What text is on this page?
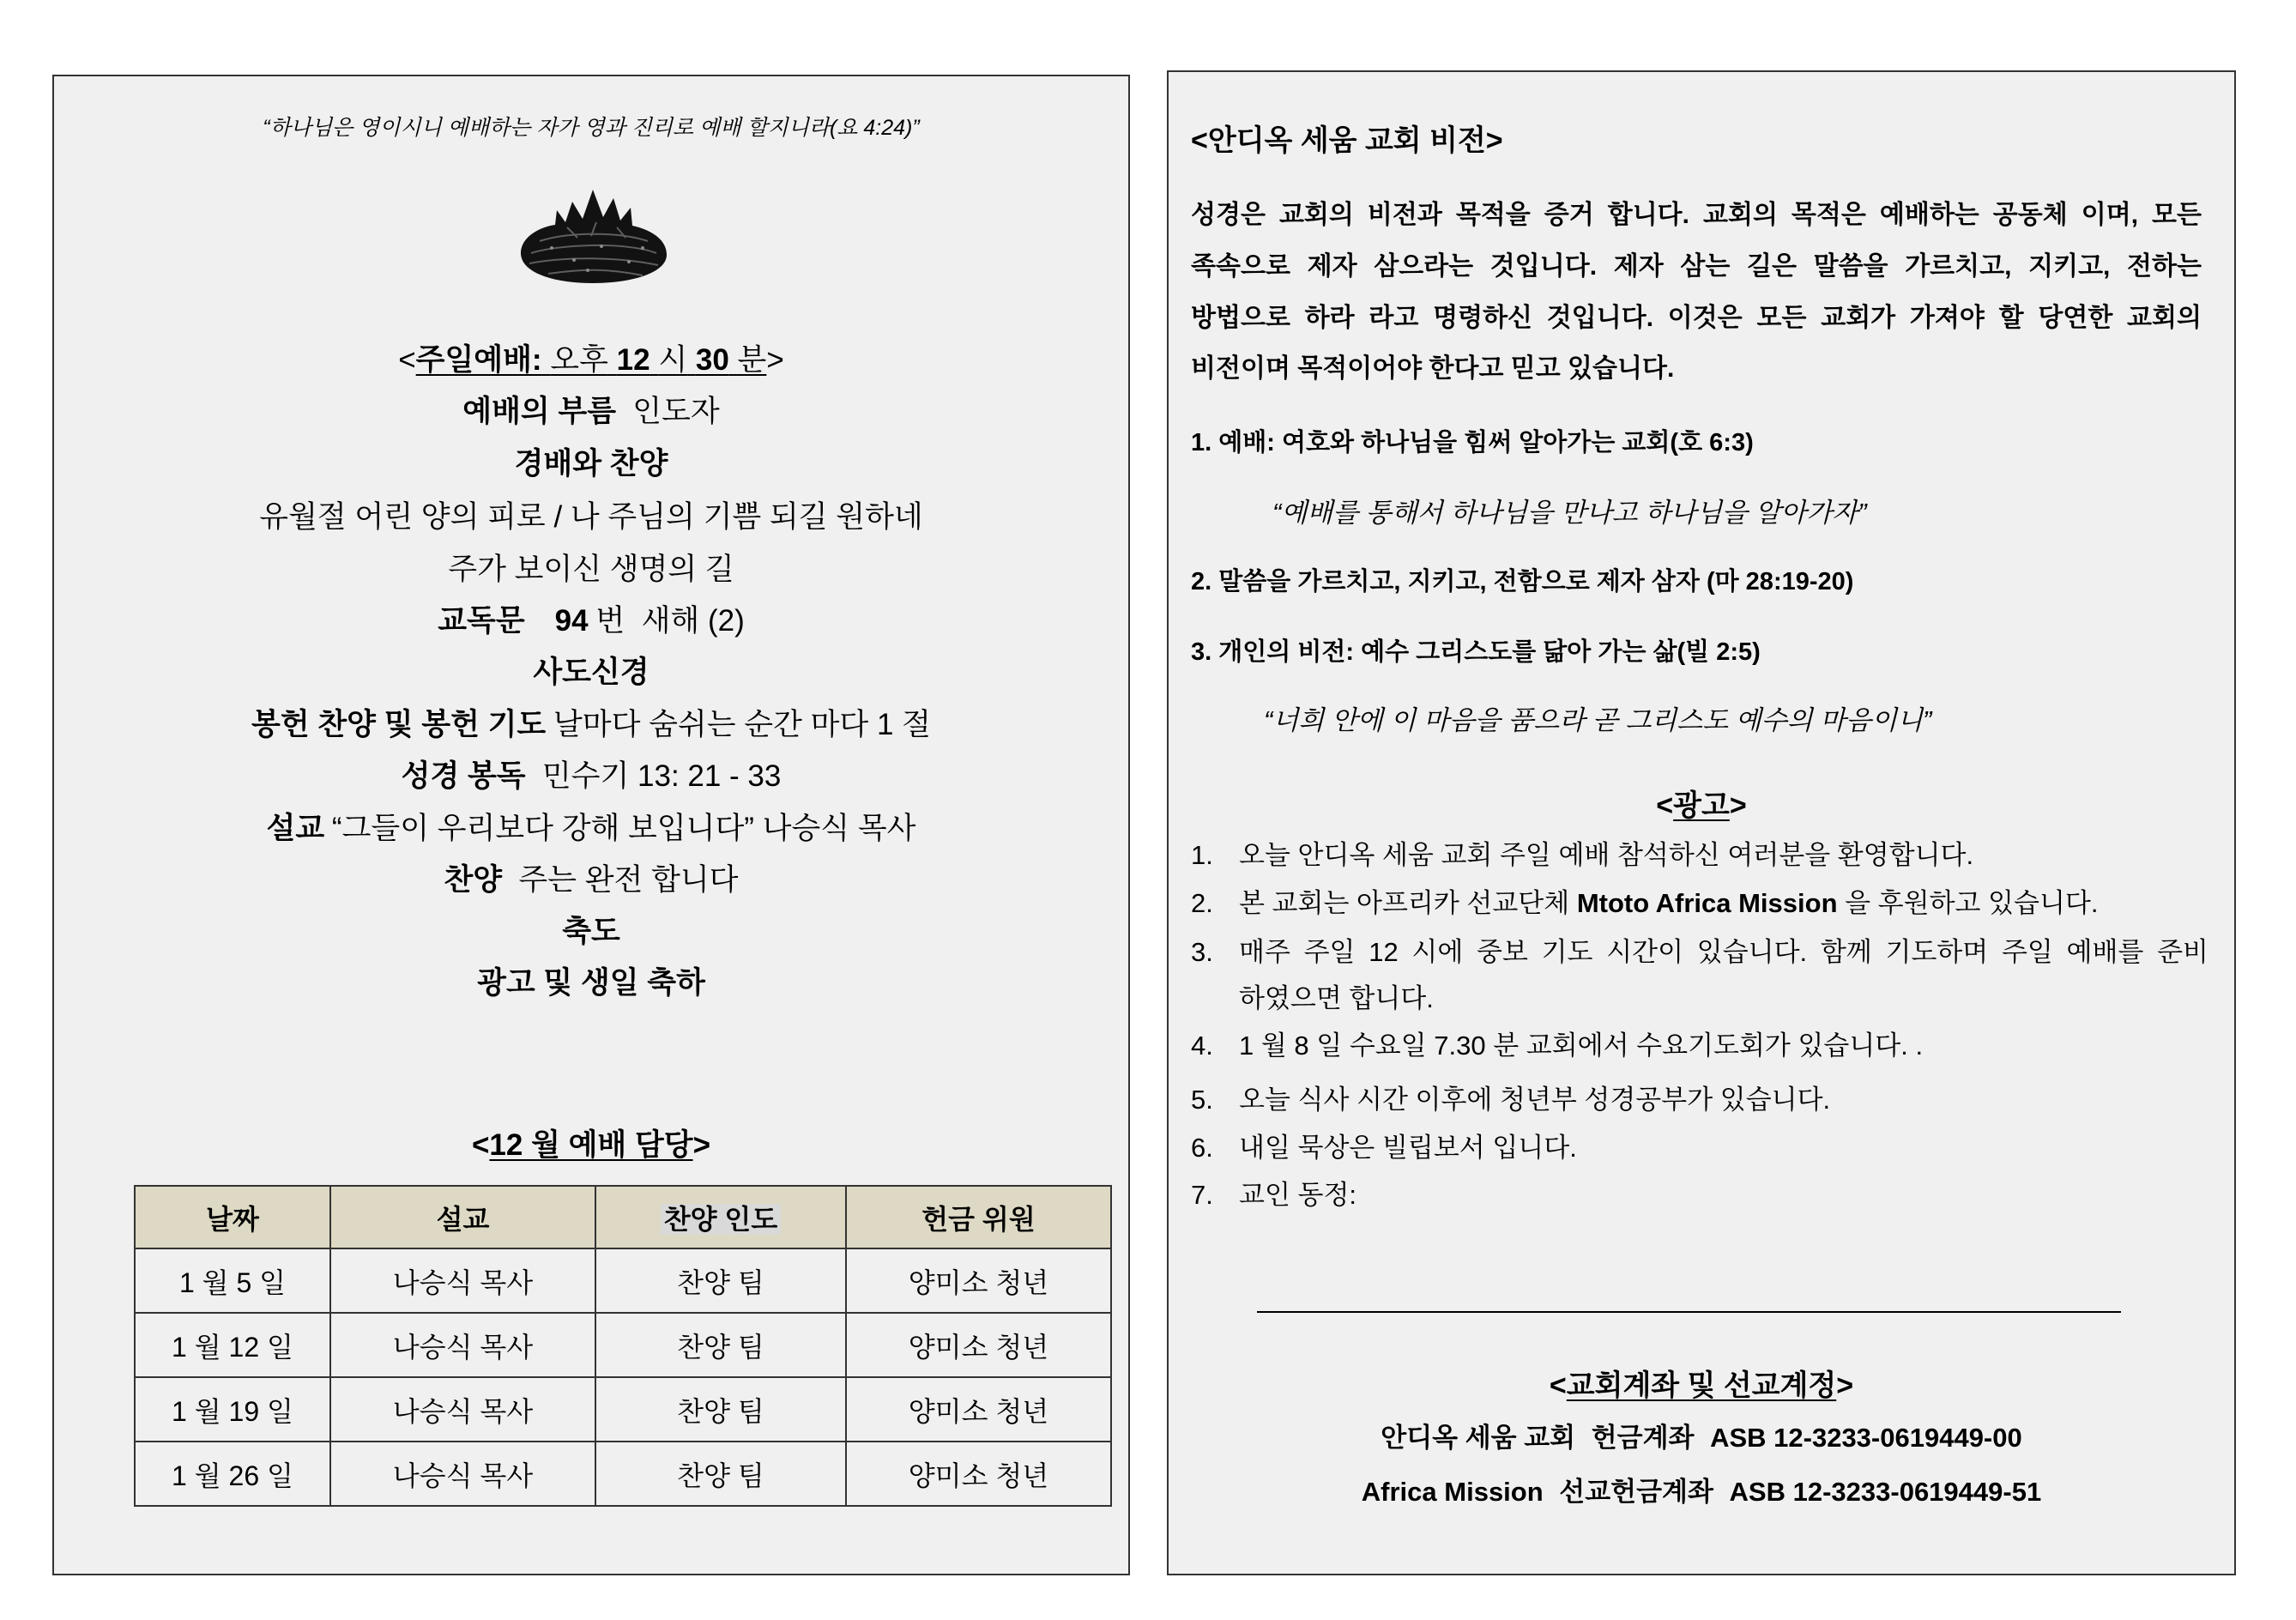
“하나님은 영이시니 예배하는 자가 영과 진리로 예배 할지니라(요 4:24)”
<주일예배: 오후 12 시 30 분>
예배의 부름 인도자
경배와 찬양
유월절 어린 양의 피로 / 나 주님의 기쁨 되길 원하네
주가 보이신 생명의 길
교독문 94 번  새해 (2)
사도신경
봉헌 찬양 및 봉헌 기도 날마다 숨쉬는 순간 마다 1 절
성경 봉독 민수기 13: 21 - 33
설교 “그들이 우리보다 강해 보입니다” 나승식 목사
찬양 주는 완전 합니다
축도
광고 및 생일 축하
<12 월 예배 담당>
날짜	설교	찬양 인도	헌금 위원
1 월 5 일	나승식 목사	찬양 팀	양미소 청년
1 월 12 일	나승식 목사	찬양 팀	양미소 청년
1 월 19 일	나승식 목사	찬양 팀	양미소 청년
1 월 26 일	나승식 목사	찬양 팀	양미소 청년
<안디옥 세움 교회 비전>
성경은 교회의 비전과 목적을 증거 합니다. 교회의 목적은 예배하는 공동체 이며, 모든
족속으로 제자 삼으라는 것입니다. 제자 삼는 길은 말씀을 가르치고, 지키고, 전하는
방법으로 하라 라고 명령하신 것입니다. 이것은 모든 교회가 가져야 할 당연한 교회의
비전이며 목적이어야 한다고 믿고 있습니다.
1. 예배: 여호와 하나님을 힘써 알아가는 교회(호 6:3)
“예배를 통해서 하나님을 만나고 하나님을 알아가자”
2. 말씀을 가르치고, 지키고, 전함으로 제자 삼자 (마 28:19-20)
3. 개인의 비전: 예수 그리스도를 닮아 가는 삶(빌 2:5)
“너희 안에 이 마음을 품으라 곧 그리스도 예수의 마음이니”
<광고>
1. 오늘 안디옥 세움 교회 주일 예배 참석하신 여러분을 환영합니다.
2. 본 교회는 아프리카 선교단체 Mtoto Africa Mission 을 후원하고 있습니다.
3. 매주 주일 12 시에 중보 기도 시간이 있습니다. 함께 기도하며 주일 예배를 준비
하였으면 합니다.
4. 1 월 8 일 수요일 7.30 분 교회에서 수요기도회가 있습니다. .
5. 오늘 식사 시간 이후에 청년부 성경공부가 있습니다.
6. 내일 묵상은 빌립보서 입니다.
7. 교인 동정:
<교회계좌 및 선교계정>
안디옥 세움 교회 헌금계좌 ASB 12-3233-0619449-00
Africa Mission 선교헌금계좌 ASB 12-3233-0619449-51
